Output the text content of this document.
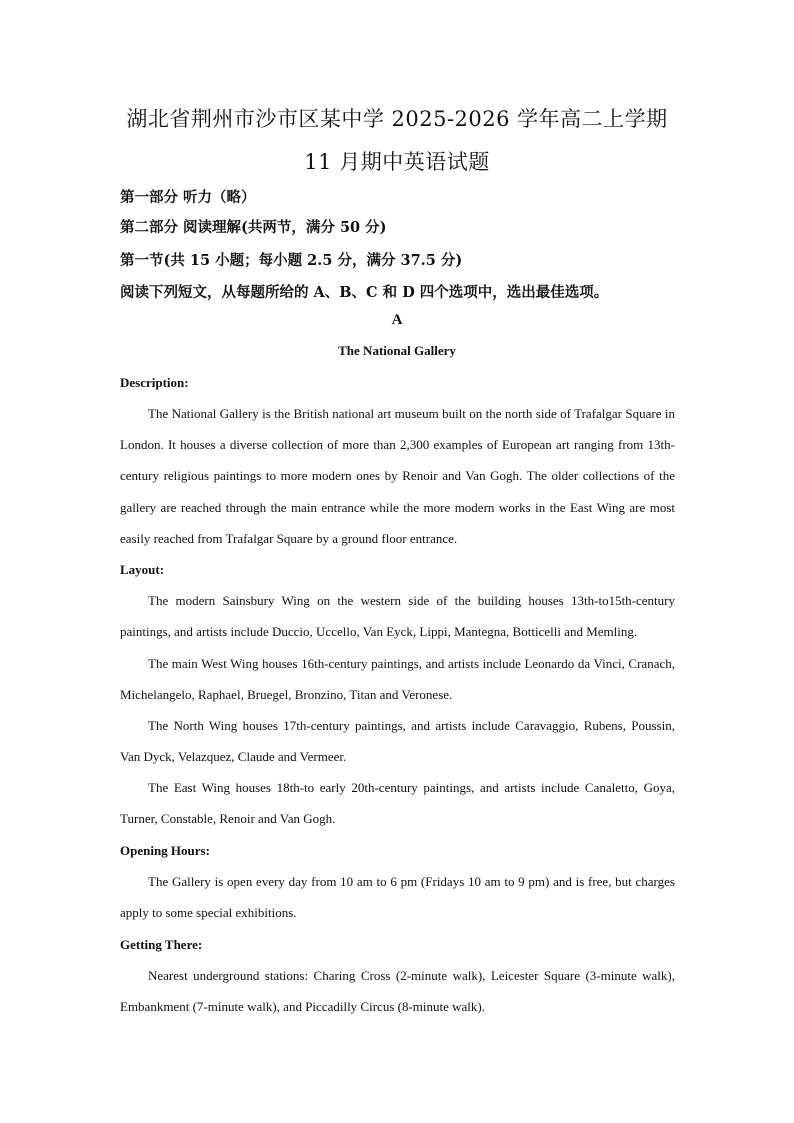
湖北省荆州市沙市区某中学 2025-2026 学年高二上学期
11 月期中英语试题
第一部分 听力（略）
第二部分 阅读理解(共两节，满分 50 分)
第一节(共 15 小题；每小题 2.5 分，满分 37.5 分)
阅读下列短文，从每题所给的 A、B、C 和 D 四个选项中，选出最佳选项。
A
The National Gallery
Description:
The National Gallery is the British national art museum built on the north side of Trafalgar Square in London. It houses a diverse collection of more than 2,300 examples of European art ranging from 13th-century religious paintings to more modern ones by Renoir and Van Gogh. The older collections of the gallery are reached through the main entrance while the more modern works in the East Wing are most easily reached from Trafalgar Square by a ground floor entrance.
Layout:
The modern Sainsbury Wing on the western side of the building houses 13th-to15th-century paintings, and artists include Duccio, Uccello, Van Eyck, Lippi, Mantegna, Botticelli and Memling.
The main West Wing houses 16th-century paintings, and artists include Leonardo da Vinci, Cranach, Michelangelo, Raphael, Bruegel, Bronzino, Titan and Veronese.
The North Wing houses 17th-century paintings, and artists include Caravaggio, Rubens, Poussin, Van Dyck, Velazquez, Claude and Vermeer.
The East Wing houses 18th-to early 20th-century paintings, and artists include Canaletto, Goya, Turner, Constable, Renoir and Van Gogh.
Opening Hours:
The Gallery is open every day from 10 am to 6 pm (Fridays 10 am to 9 pm) and is free, but charges apply to some special exhibitions.
Getting There:
Nearest underground stations: Charing Cross (2-minute walk), Leicester Square (3-minute walk), Embankment (7-minute walk), and Piccadilly Circus (8-minute walk).
